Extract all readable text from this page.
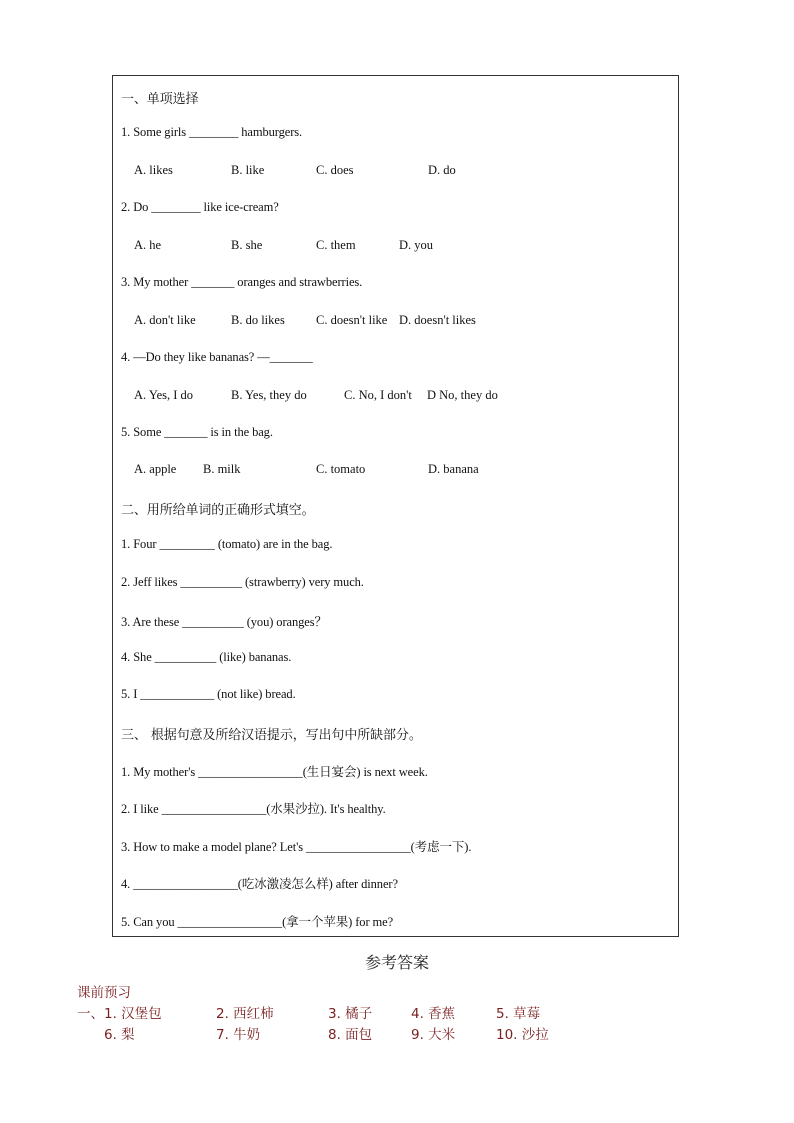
一、单项选择
1. Some girls ________ hamburgers.
A. likes	B. like	C. does	D. do
2. Do ________ like ice-cream?
A. he	B. she	C. them	D. you
3. My mother _______ oranges and strawberries.
A. don't like	B. do likes C. doesn't like D. doesn't likes
4. —Do they like bananas? —_______
A. Yes, I do	B. Yes, they do	C. No, I don't D No, they do
5. Some _______ is in the bag.
A. apple B. milk	C. tomato	D. banana
二、用所给单词的正确形式填空。
1. Four _________ (tomato) are in the bag.
2. Jeff likes __________ (strawberry) very much.
3. Are these __________ (you) oranges？
4. She __________ (like) bananas.
5. I ____________ (not like) bread.
三、 根据句意及所给汉语提示，写出句中所缺部分。
1. My mother's _________________(生日宴会) is next week.
2. I like _________________(水果沙拉). It's healthy.
3. How to make a model plane? Let's _________________(考虑一下).
4. _________________(吃冰激凌怎么样) after dinner?
5. Can you _________________(拿一个苹果) for me?
参考答案
课前预习
一、 1. 汉堡包	2. 西红柿	3. 橘子	4. 香蕉	5. 草莓
6. 梨	7. 牛奶	8. 面包	9. 大米	10. 沙拉
